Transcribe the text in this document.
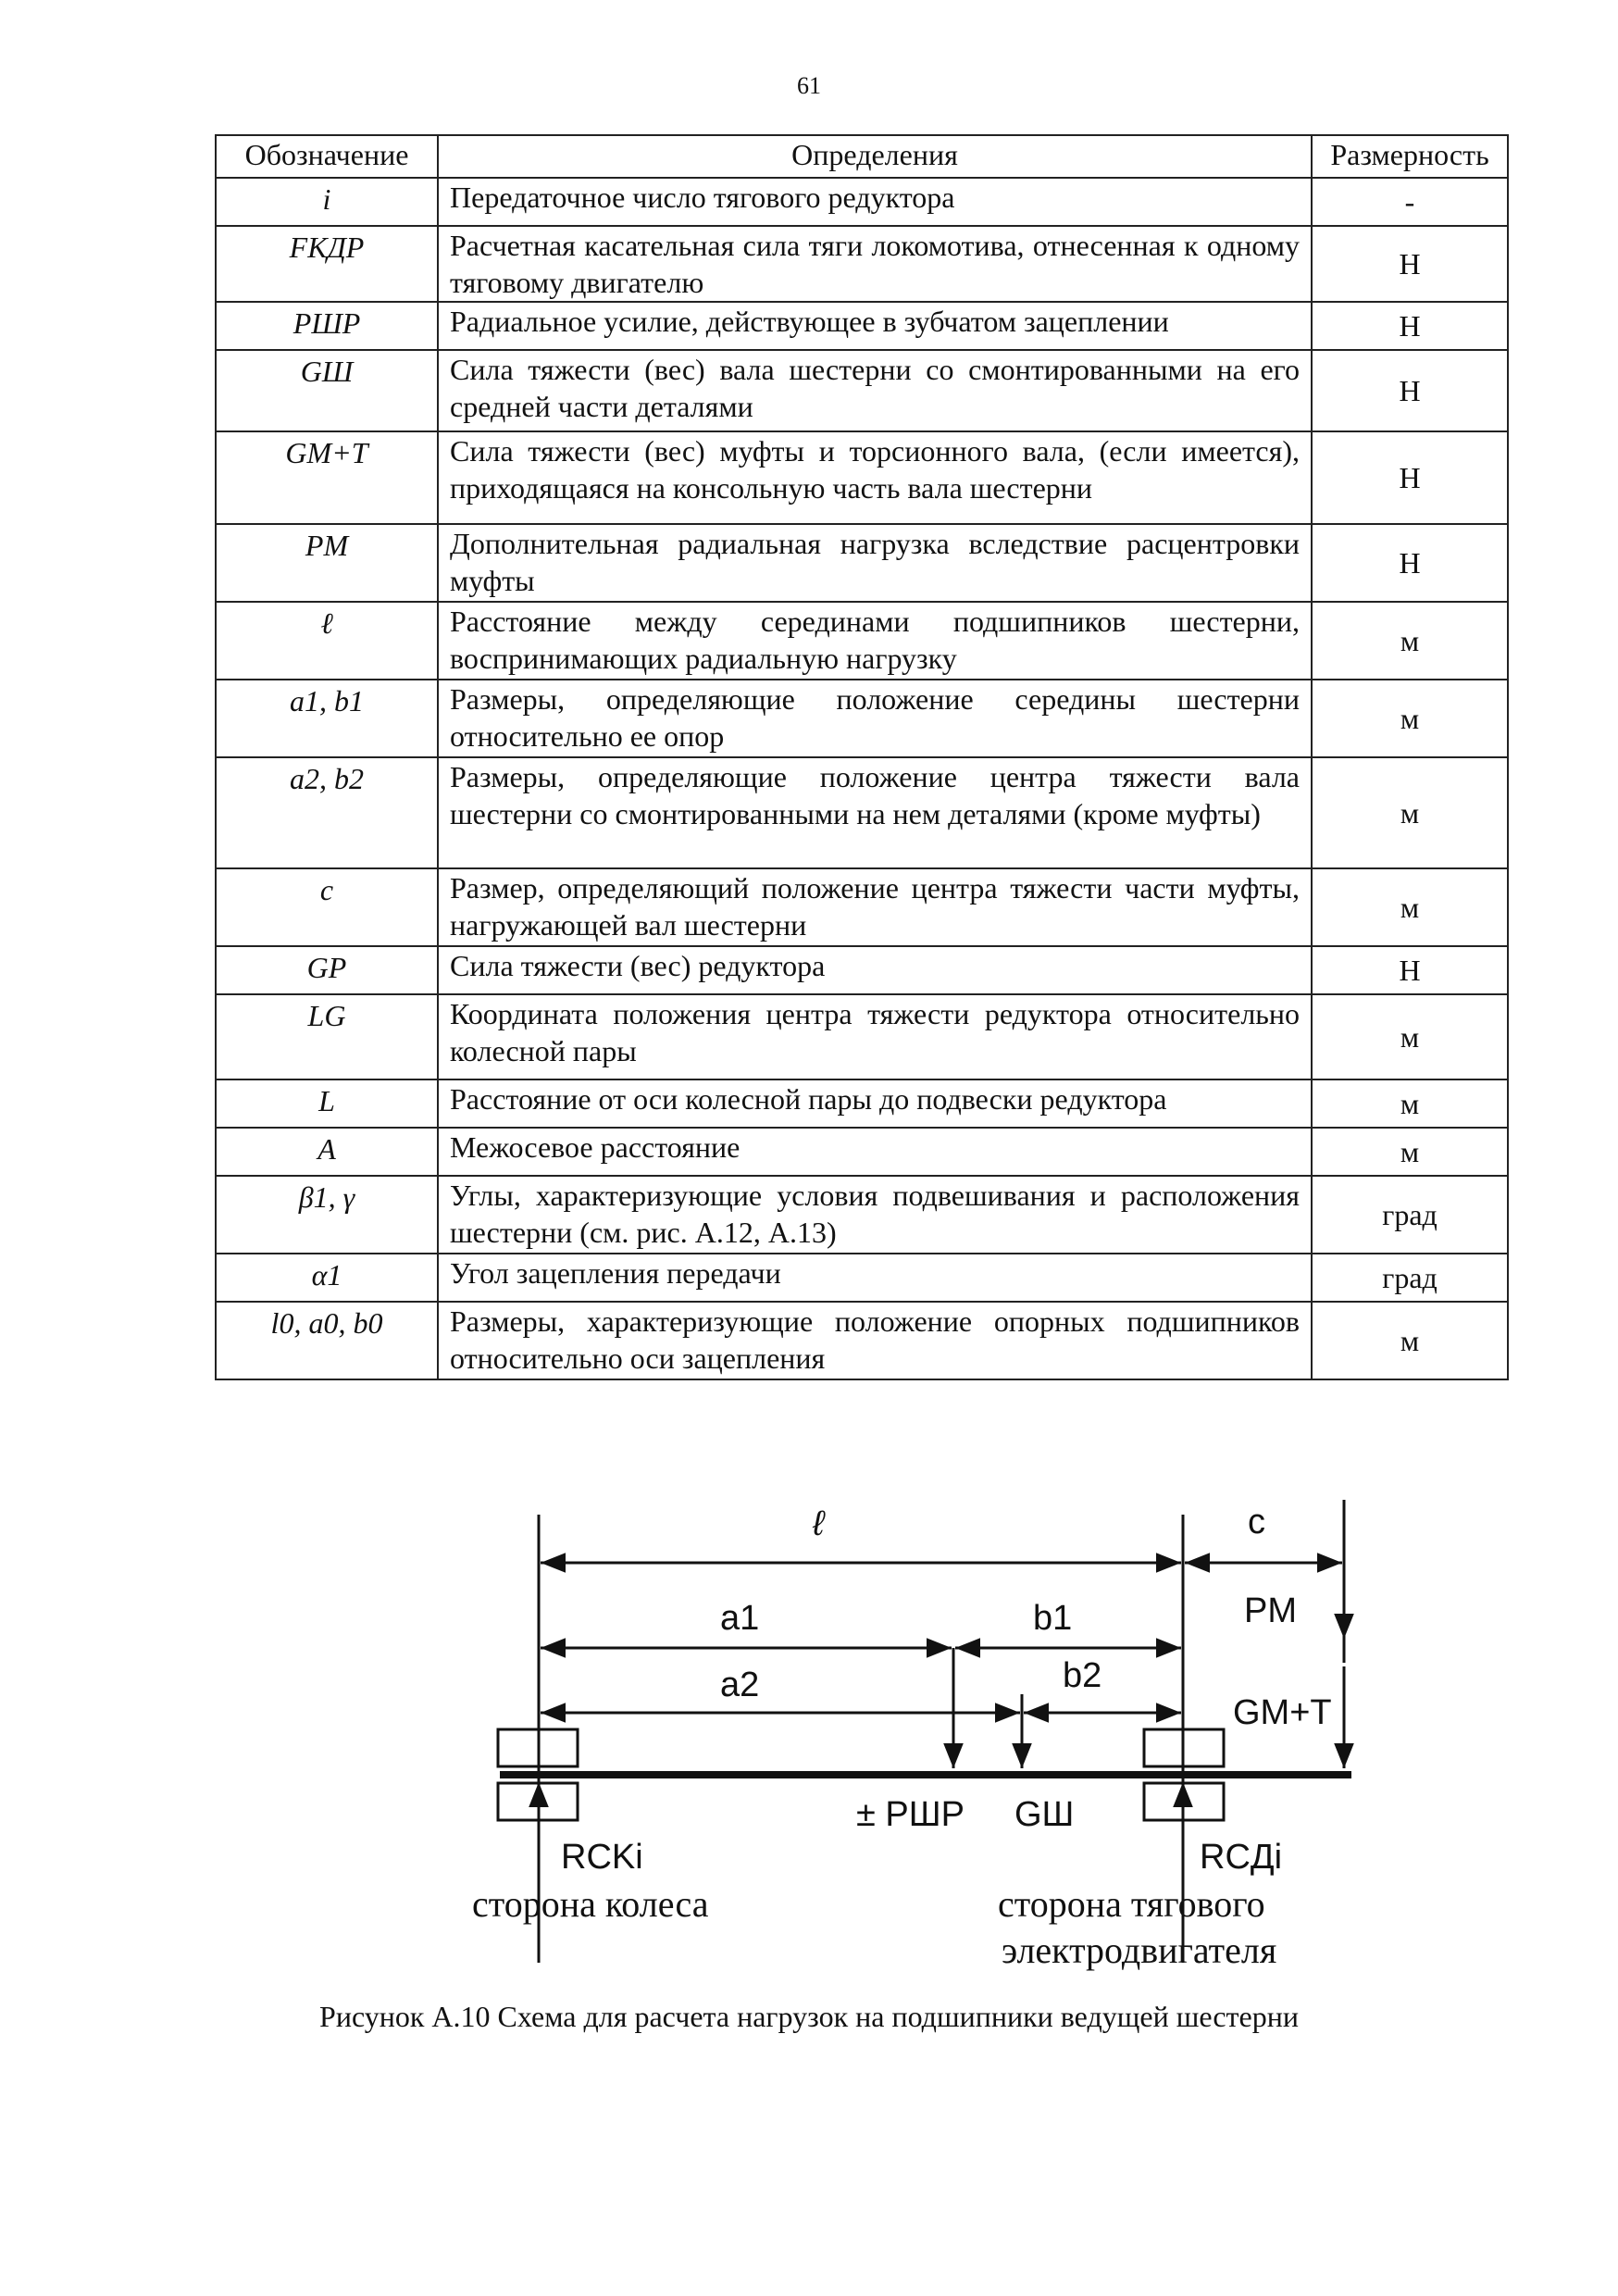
61
Обозначение	Определения	Размерность
i	Передаточное число тягового редуктора	-
FКДР	Расчетная касательная сила тяги локомотива, отнесенная к одному тяговому двигателю	Н
PШР	Радиальное усилие, действующее в зубчатом зацеплении	Н
GШ	Сила тяжести (вес) вала шестерни со смонтированными на его средней части деталями	Н
GМ+Т	Сила тяжести (вес) муфты и торсионного вала, (если имеется), приходящаяся на консольную часть вала шестерни	Н
PМ	Дополнительная радиальная нагрузка вследствие расцентровки муфты	Н
ℓ	Расстояние между серединами подшипников шестерни, воспринимающих радиальную нагрузку	м
a1, b1	Размеры, определяющие положение середины шестерни относительно ее опор	м
a2, b2	Размеры, определяющие положение центра тяжести вала шестерни со смонтированными на нем деталями (кроме муфты)	м
c	Размер, определяющий положение центра тяжести части муфты, нагружающей вал шестерни	м
GР	Сила тяжести (вес) редуктора	Н
LG	Координата положения центра тяжести редуктора относительно колесной пары	м
L	Расстояние от оси колесной пары до подвески редуктора	м
A	Межосевое расстояние	м
β1, γ	Углы, характеризующие условия подвешивания и расположения шестерни (см. рис. А.12, А.13)	град
α1	Угол зацепления передачи	град
l0, a0, b0	Размеры, характеризующие положение опорных подшипников относительно оси зацепления	м
ℓ	c
a1	b1
a2	b2
PM
GM+T
± PШР GШ
RCKi	RCДi
сторона колеса	сторона тягового
электродвигателя
Рисунок А.10 Схема для расчета нагрузок на подшипники ведущей шестерни
